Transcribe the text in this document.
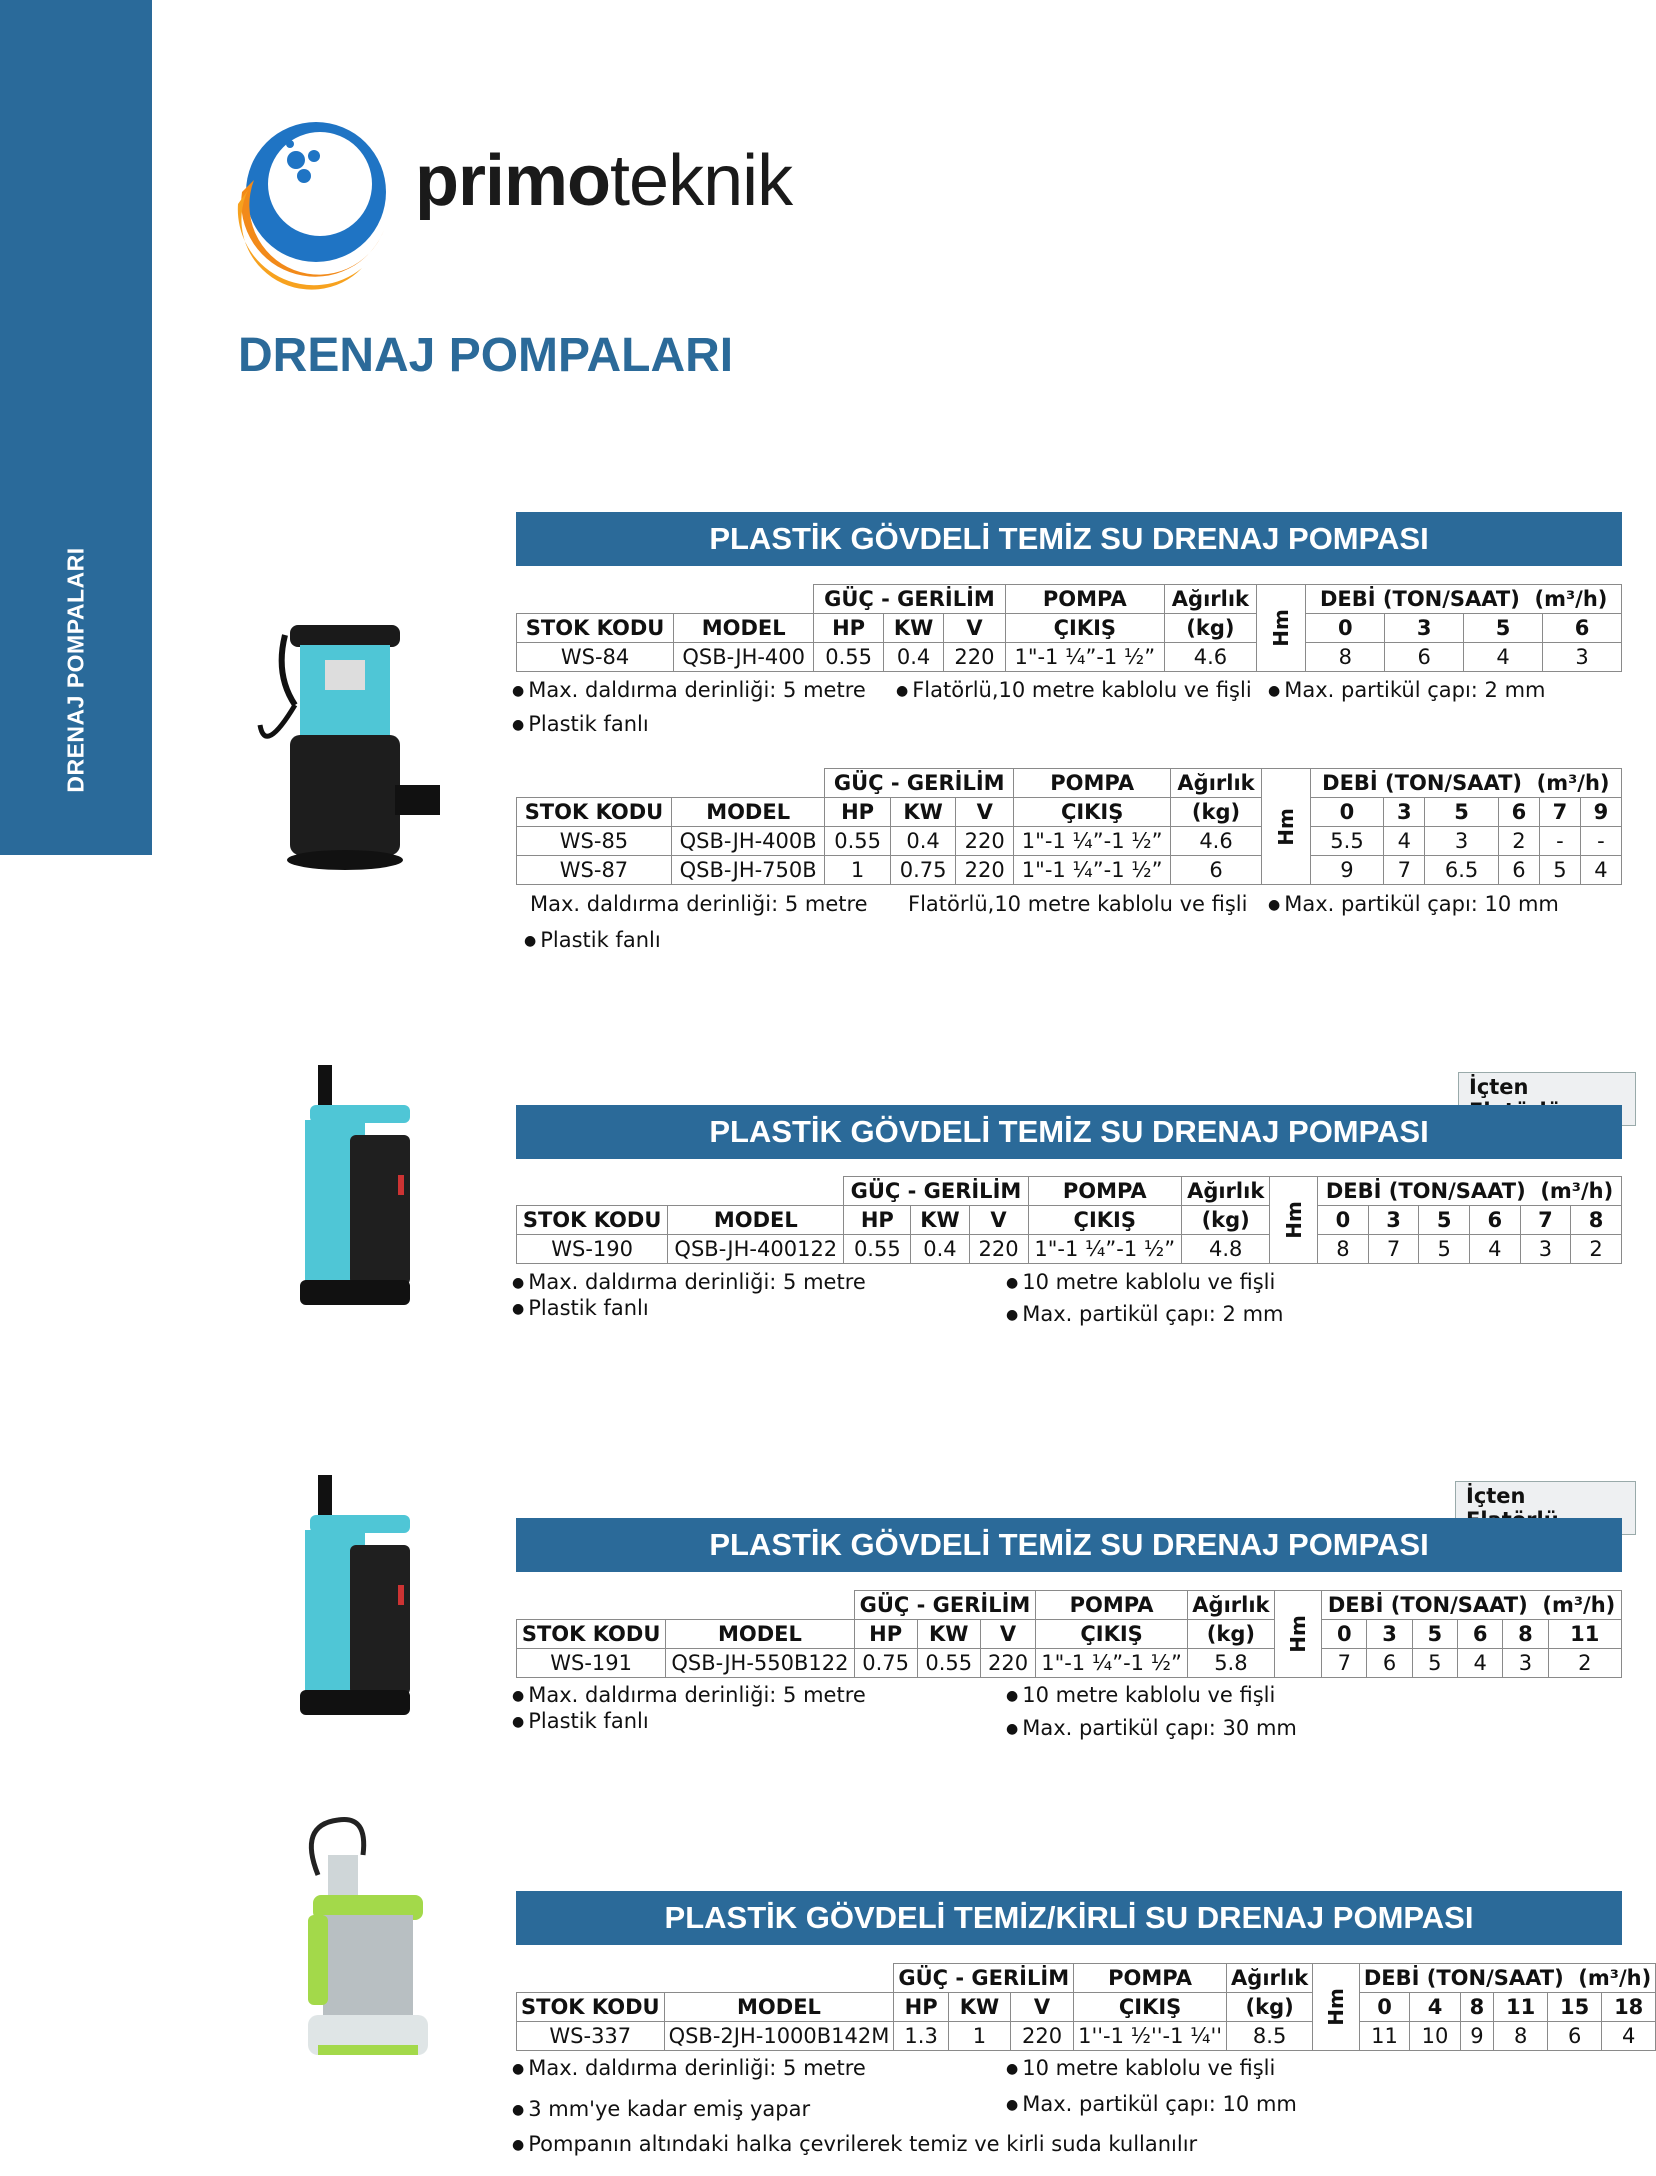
DRENAJ POMPALARI
primoteknik
DRENAJ POMPALARI
PLASTİK GÖVDELİ TEMİZ SU DRENAJ POMPASI
		GÜÇ - GERİLİM			POMPA	Ağırlık	Hm	DEBİ (TON/SAAT) (m³/h)			
STOK KODU	MODEL	HP	KW	V	ÇIKIŞ	(kg)		0	3	5	6
WS-84	QSB-JH-400	0.55	0.4	220	1"-1 ¼”-1 ½”	4.6		8	6	4	3
● Max. daldırma derinliği: 5 metre	● Flatörlü,10 metre kablolu ve fişli	● Max. partikül çapı: 2 mm
● Plastik fanlı
		GÜÇ - GERİLİM			POMPA	Ağırlık	Hm	DEBİ (TON/SAAT) (m³/h)					
STOK KODU	MODEL	HP	KW	V	ÇIKIŞ	(kg)		0	3	5	6	7	9
WS-85	QSB-JH-400B	0.55	0.4	220	1"-1 ¼”-1 ½”	4.6		5.5	4	3	2	-	-
WS-87	QSB-JH-750B	1	0.75	220	1"-1 ¼”-1 ½”	6		9	7	6.5	6	5	4
Max. daldırma derinliği: 5 metre Flatörlü,10 metre kablolu ve fişli	● Max. partikül çapı: 10 mm
● Plastik fanlı
İçten
PLASTİK GÖVDELİ TEMİZ SU DRENAJ POMPASI
		GÜÇ - GERİLİM			POMPA	Ağırlık	Hm	DEBİ (TON/SAAT) (m³/h)					
STOK KODU	MODEL	HP	KW	V	ÇIKIŞ	(kg)		0	3	5	6	7	8
WS-190	QSB-JH-400122	0.55	0.4	220	1"-1 ¼”-1 ½”	4.8		8	7	5	4	3	2
● Max. daldırma derinliği: 5 metre	● 10 metre kablolu ve fişli
● Plastik fanlı	● Max. partikül çapı: 2 mm
İçten
PLASTİK GÖVDELİ TEMİZ SU DRENAJ POMPASI
		GÜÇ - GERİLİM			POMPA	Ağırlık	Hm	DEBİ (TON/SAAT) (m³/h)					
STOK KODU	MODEL	HP	KW	V	ÇIKIŞ	(kg)		0	3	5	6	8	11
WS-191	QSB-JH-550B122	0.75	0.55	220	1"-1 ¼”-1 ½”	5.8		7	6	5	4	3	2
● Max. daldırma derinliği: 5 metre	● 10 metre kablolu ve fişli
● Plastik fanlı	● Max. partikül çapı: 30 mm
PLASTİK GÖVDELİ TEMİZ/KİRLİ SU DRENAJ POMPASI
		GÜÇ - GERİLİM			POMPA	Ağırlık	Hm	DEBİ (TON/SAAT) (m³/h)					
STOK KODU	MODEL	HP	KW	V	ÇIKIŞ	(kg)		0	4	8	11	15	18
WS-337	QSB-2JH-1000B142M	1.3	1	220	1''-1 ½''-1 ¼''	8.5		11	10	9	8	6	4
● Max. daldırma derinliği: 5 metre	● 10 metre kablolu ve fişli
● 3 mm'ye kadar emiş yapar	● Max. partikül çapı: 10 mm
● Pompanın altındaki halka çevrilerek temiz ve kirli suda kullanılır
